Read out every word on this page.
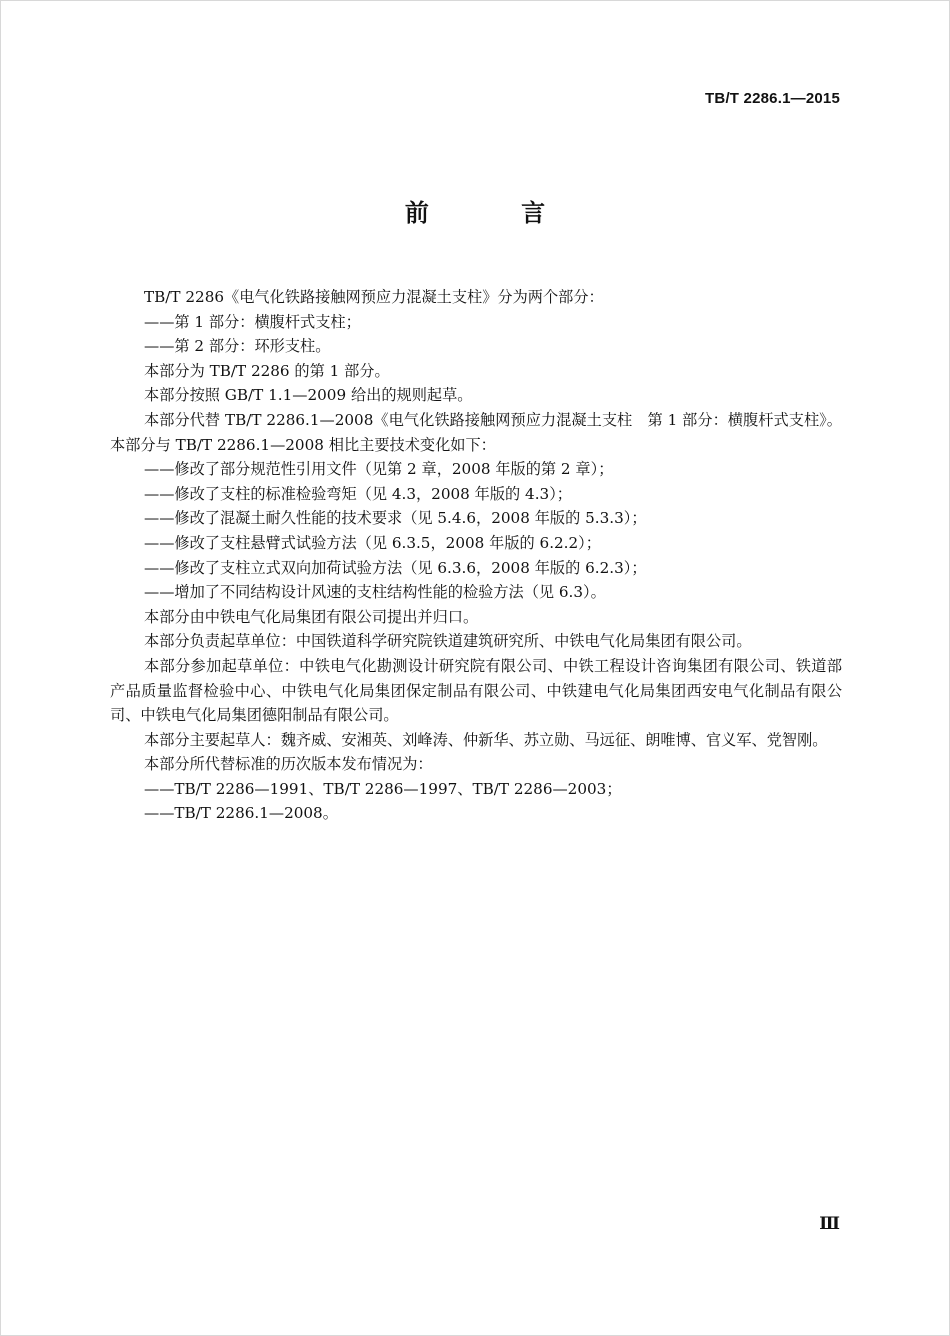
TB/T 2286.1—2015
前 言

TB/T 2286《电气化铁路接触网预应力混凝土支柱》分为两个部分：

——第 1 部分：横腹杆式支柱；

——第 2 部分：环形支柱。

本部分为 TB/T 2286 的第 1 部分。

本部分按照 GB/T 1.1—2009 给出的规则起草。

本部分代替 TB/T 2286.1—2008《电气化铁路接触网预应力混凝土支柱　第 1 部分：横腹杆式支柱》。本部分与 TB/T 2286.1—2008 相比主要技术变化如下：

——修改了部分规范性引用文件（见第 2 章，2008 年版的第 2 章）；

——修改了支柱的标准检验弯矩（见 4.3，2008 年版的 4.3）；

——修改了混凝土耐久性能的技术要求（见 5.4.6，2008 年版的 5.3.3）；

——修改了支柱悬臂式试验方法（见 6.3.5，2008 年版的 6.2.2）；

——修改了支柱立式双向加荷试验方法（见 6.3.6，2008 年版的 6.2.3）；

——增加了不同结构设计风速的支柱结构性能的检验方法（见 6.3）。

本部分由中铁电气化局集团有限公司提出并归口。

本部分负责起草单位：中国铁道科学研究院铁道建筑研究所、中铁电气化局集团有限公司。

本部分参加起草单位：中铁电气化勘测设计研究院有限公司、中铁工程设计咨询集团有限公司、铁道部产品质量监督检验中心、中铁电气化局集团保定制品有限公司、中铁建电气化局集团西安电气化制品有限公司、中铁电气化局集团德阳制品有限公司。

本部分主要起草人：魏齐威、安湘英、刘峰涛、仲新华、苏立勋、马远征、朗唯博、官义军、党智刚。

本部分所代替标准的历次版本发布情况为：

——TB/T 2286—1991、TB/T 2286—1997、TB/T 2286—2003；

——TB/T 2286.1—2008。

Ⅲ
